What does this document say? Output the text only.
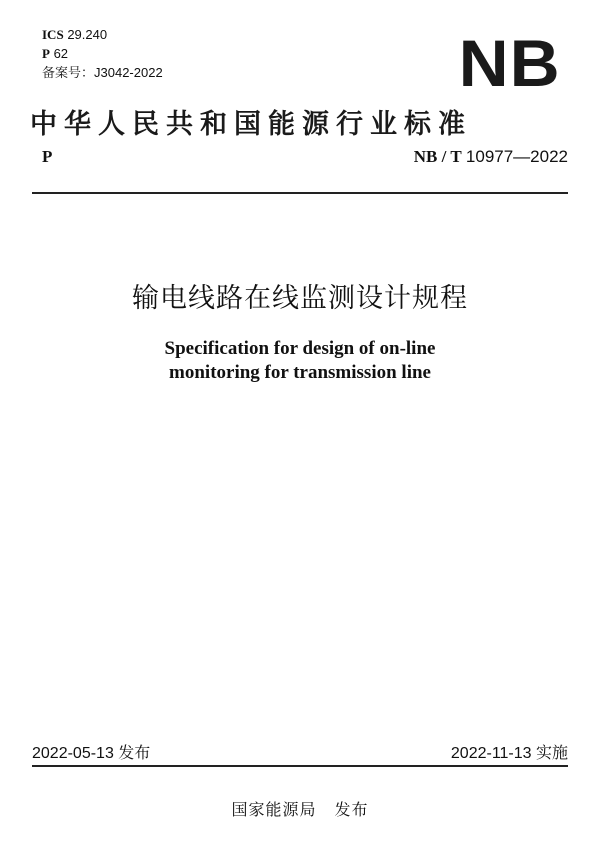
ICS 29.240
P 62
备案号：J3042-2022	NB
中华人民共和国能源行业标准
P	NB / T 10977—2022
输电线路在线监测设计规程
Specification for design of on-line
monitoring for transmission line
2022-05-13 发布	2022-11-13 实施
国家能源局 发布
